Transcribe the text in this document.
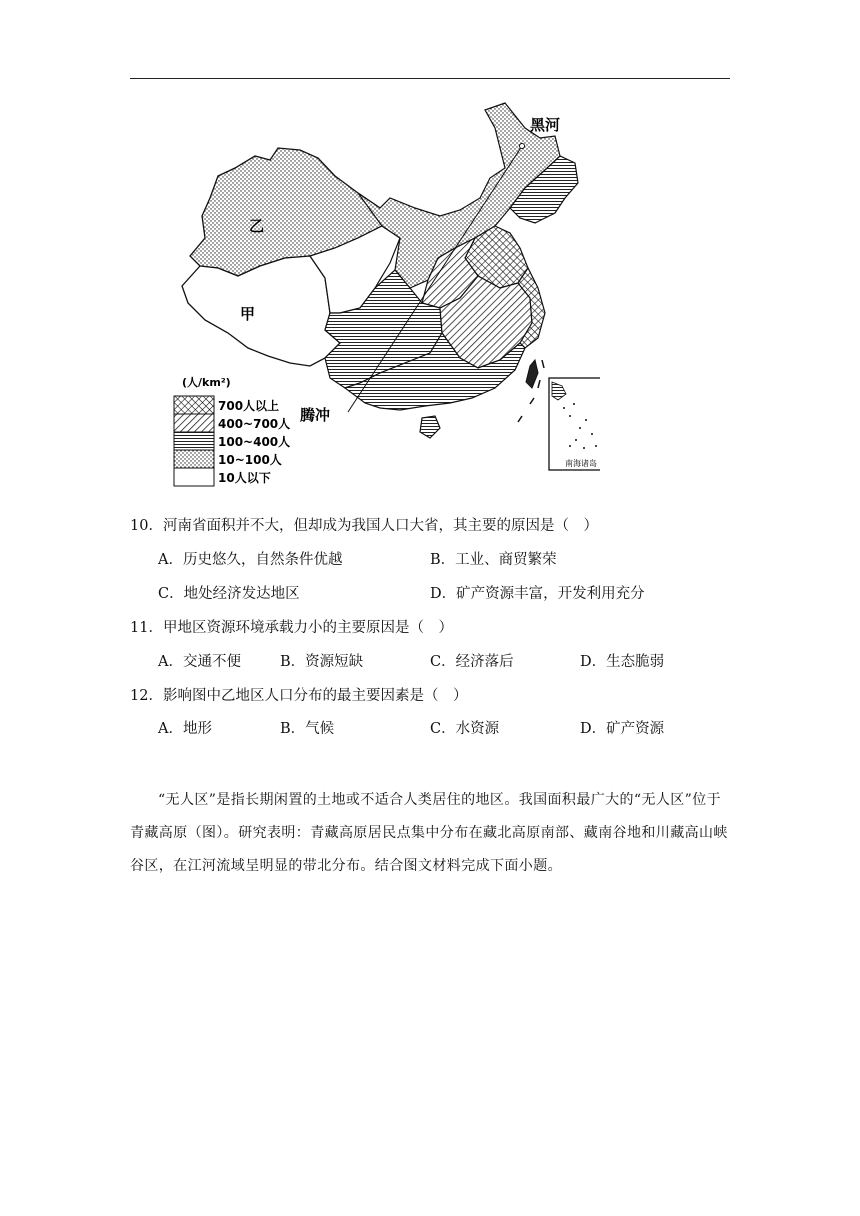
南海诸岛
黑河
腾冲
乙
甲
(人/km²)
700人以上
400~700人
100~400人
10~100人
10人以下
10．河南省面积并不大，但却成为我国人口大省，其主要的原因是（　）
A．历史悠久，自然条件优越	B．工业、商贸繁荣
C．地处经济发达地区	D．矿产资源丰富，开发利用充分
11．甲地区资源环境承载力小的主要原因是（　）
A．交通不便	B．资源短缺	C．经济落后	D．生态脆弱
12．影响图中乙地区人口分布的最主要因素是（　）
A．地形	B．气候	C．水资源	D．矿产资源
“无人区”是指长期闲置的土地或不适合人类居住的地区。我国面积最广大的“无人区”位于青藏高原（图）。研究表明：青藏高原居民点集中分布在藏北高原南部、藏南谷地和川藏高山峡谷区，在江河流域呈明显的带北分布。结合图文材料完成下面小题。
